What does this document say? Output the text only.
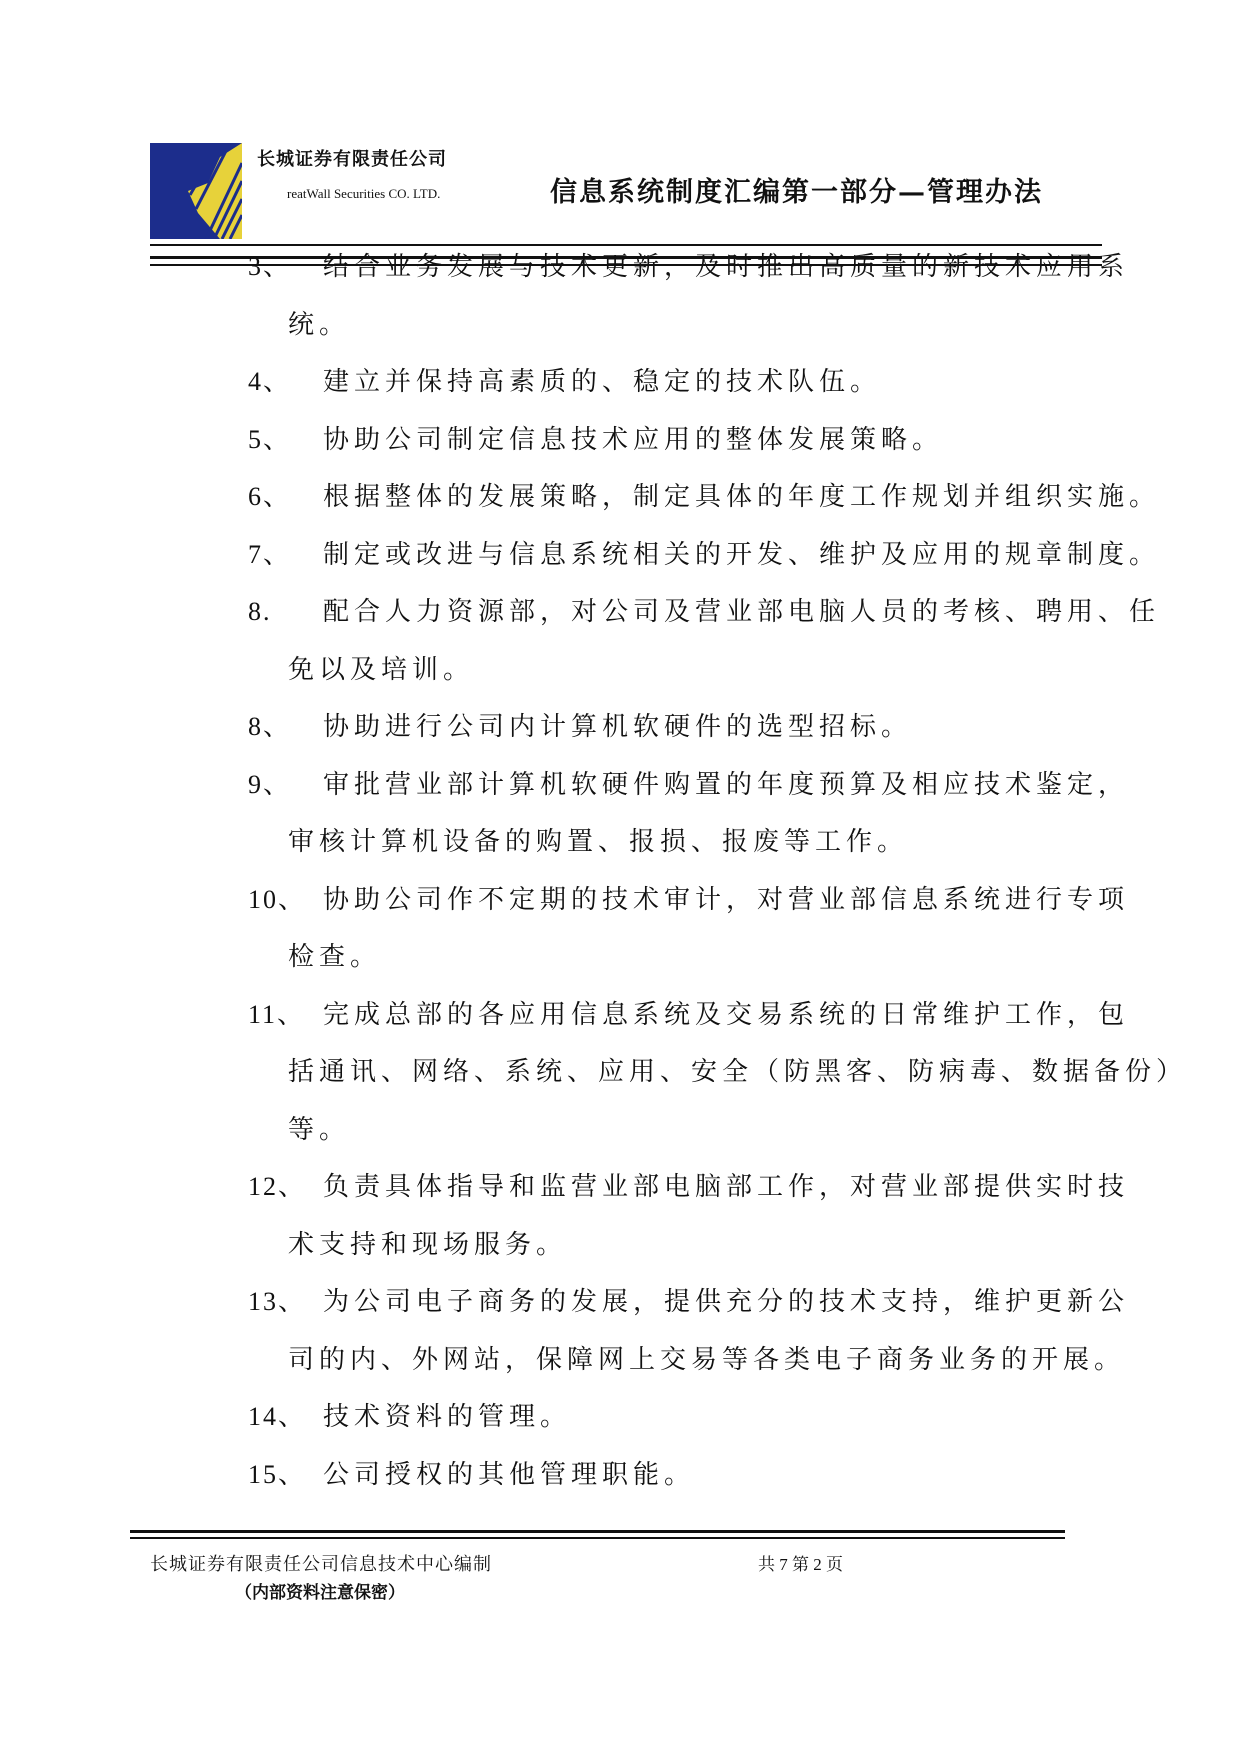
长城证券有限责任公司
reatWall Securities CO. LTD.	信息系统制度汇编第一部分—管理办法
3、 结合业务发展与技术更新，及时推出高质量的新技术应用系
统。
4、 建立并保持高素质的、稳定的技术队伍。
5、 协助公司制定信息技术应用的整体发展策略。
6、 根据整体的发展策略，制定具体的年度工作规划并组织实施。
7、 制定或改进与信息系统相关的开发、维护及应用的规章制度。
8. 配合人力资源部，对公司及营业部电脑人员的考核、聘用、任
免以及培训。
8、 协助进行公司内计算机软硬件的选型招标。
9、 审批营业部计算机软硬件购置的年度预算及相应技术鉴定，
审核计算机设备的购置、报损、报废等工作。
10、 协助公司作不定期的技术审计，对营业部信息系统进行专项
检查。
11、 完成总部的各应用信息系统及交易系统的日常维护工作，包
括通讯、网络、系统、应用、安全（防黑客、防病毒、数据备份）
等。
12、 负责具体指导和监营业部电脑部工作，对营业部提供实时技
术支持和现场服务。
13、 为公司电子商务的发展，提供充分的技术支持，维护更新公
司的内、外网站，保障网上交易等各类电子商务业务的开展。
14、 技术资料的管理。
15、 公司授权的其他管理职能。
长城证券有限责任公司信息技术中心编制
（内部资料注意保密）
共 7 第 2 页
